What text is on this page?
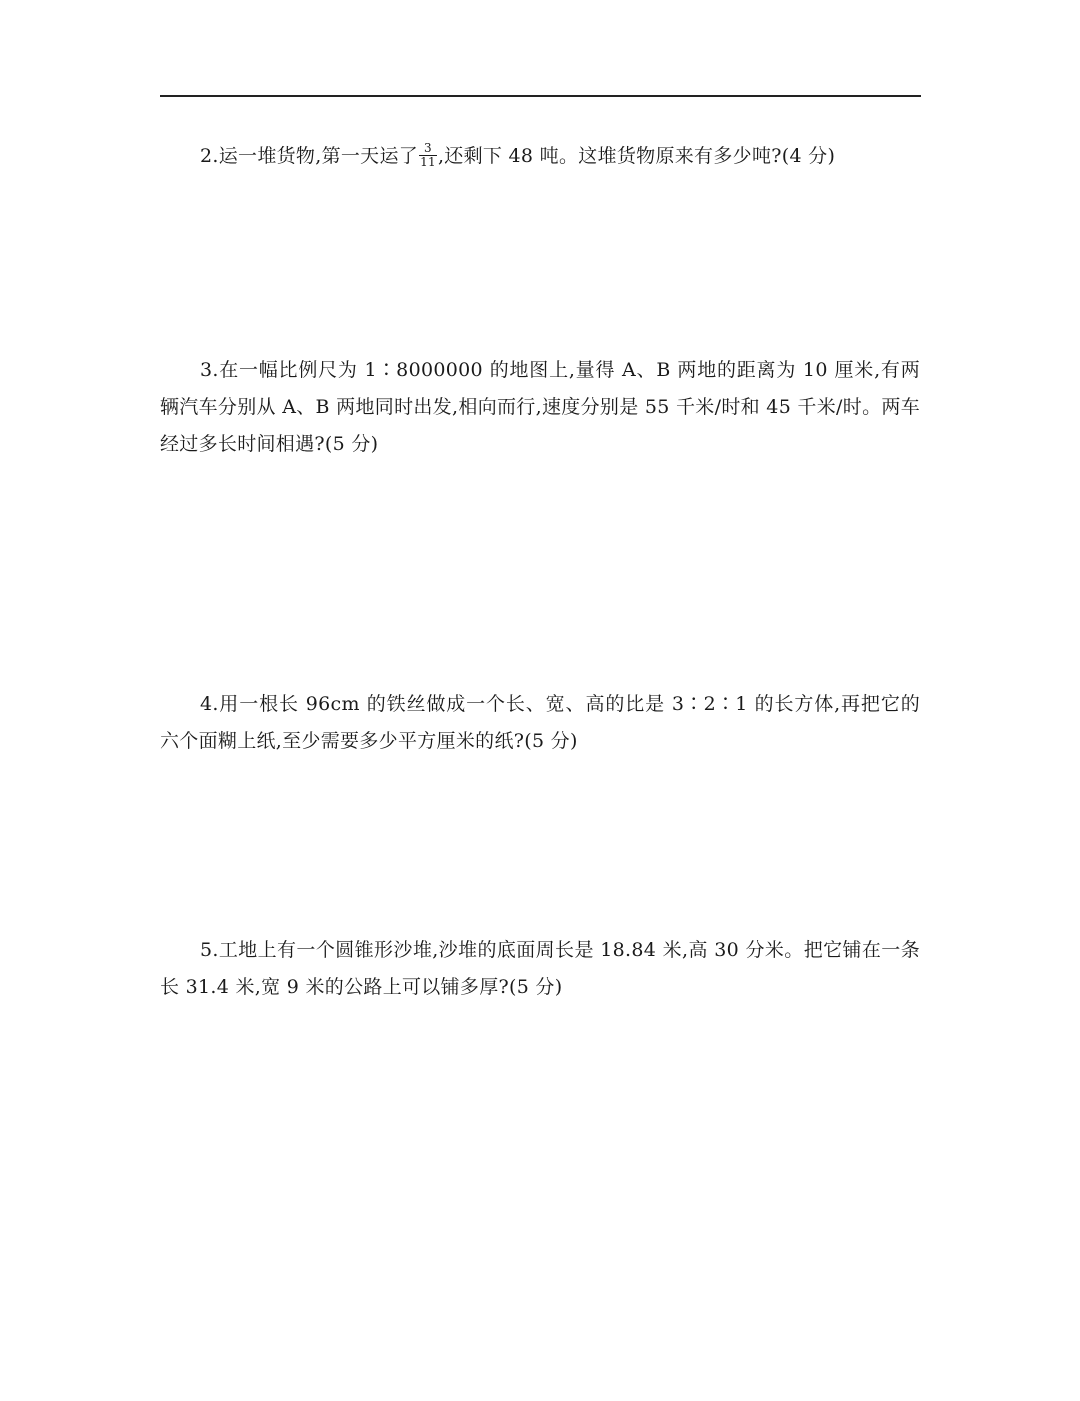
2.运一堆货物,第一天运了 $\frac{3}{11}$ ,还剩下 48 吨。这堆货物原来有多少吨?(4 分)

3.在一幅比例尺为 1∶8000000 的地图上,量得 A、B 两地的距离为 10 厘米,有两辆汽车分别从 A、B 两地同时出发,相向而行,速度分别是 55 千米/时和 45 千米/时。两车经过多长时间相遇?(5 分)

4.用一根长 96cm 的铁丝做成一个长、宽、高的比是 3∶2∶1 的长方体,再把它的六个面糊上纸,至少需要多少平方厘米的纸?(5 分)

5.工地上有一个圆锥形沙堆,沙堆的底面周长是 18.84 米,高 30 分米。把它铺在一条长 31.4 米,宽 9 米的公路上可以铺多厚?(5 分)
